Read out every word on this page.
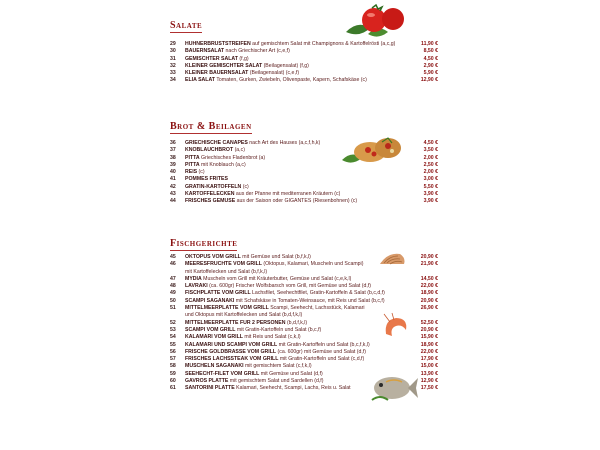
Salate
29	HÜHNERBRUSTSTREIFEN auf gemischtem Salat mit Champignons & Kartoffelrösti (a,c,g)	11,90 €
30	BAUERNSALAT nach Griechischer Art (c,e,f)	8,50 €
31	GEMISCHTER SALAT (f,g)	4,50 €
32	KLEINER GEMISCHTER SALAT (Beilagensalat) (f,g)	2,90 €
33	KLEINER BAUERNSALAT (Beilagensalat) (c,e,f)	5,90 €
34	ELIA SALAT Tomaten, Gurken, Zwiebeln, Olivenpaste, Kapern, Schafskäse (c)	12,90 €
Brot & Beilagen
36	GRIECHISCHE CANAPÉS nach Art des Hauses (a,c,f,h,k)	4,50 €
37	KNOBLAUCHBROT (a,c)	3,50 €
38	PITTA Griechisches Fladenbrot (a)	2,00 €
39	PITTA mit Knoblauch (a,c)	2,50 €
40	REIS (c)	2,00 €
41	POMMES FRITES	3,00 €
42	GRATIN-KARTOFFELN (c)	5,50 €
43	KARTOFFELECKEN aus der Pfanne mit mediterranen Kräutern (c)	3,90 €
44	FRISCHES GEMÜSE aus der Saison oder GIGANTES (Riesenbohnen) (c)	3,90 €
Fischgerichte
45	OKTOPUS VOM GRILL mit Gemüse und Salat (b,f,k,l)	20,90 €
46	MEERESFRÜCHTE VOM GRILL (Oktopus, Kalamari, Muscheln und Scampi)	21,90 €
mit Kartoffelecken und Salat (b,f,k,l)
47	MYDIA Muscheln vom Grill mit Kräuterbutter, Gemüse und Salat (c,e,k,l)	14,50 €
48	LAVRAKI (ca. 600gr) Frischer Wolfsbarsch vom Grill, mit Gemüse und Salat (d,f)	22,00 €
49	FISCHPLATTE VOM GRILL Lachsfilet, Seehechtfilet, Gratin-Kartoffeln & Salat (b,c,d,f)	18,90 €
50	SCAMPI SAGANAKI mit Schafskäse in Tomaten-Weinsauce, mit Reis und Salat (b,c,f)	20,90 €
51	MITTELMEERPLATTE VOM GRILL Scampi, Seehecht, Lachsstück, Kalamari	26,90 €
und Oktopus mit Kartoffelecken und Salat (b,d,f,k,l)
52	MITTELMEERPLATTE FÜR 2 PERSONEN (b,d,f,k,l)	52,50 €
53	SCAMPI VOM GRILL mit Gratin-Kartoffeln und Salat (b,c,f)	20,90 €
54	KALAMARI VOM GRILL mit Reis und Salat (c,k,l)	15,90 €
55	KALAMARI UND SCAMPI VOM GRILL mit Gratin-Kartoffeln und Salat (b,c,f,k,l)	18,90 €
56	FRISCHE GOLDBRASSE VOM GRILL (ca. 600gr) mit Gemüse und Salat (d,f)	22,00 €
57	FRISCHES LACHSSTEAK VOM GRILL mit Gratin-Kartoffeln und Salat (c,d,f)	17,90 €
58	MUSCHELN SAGANAKI mit gemischtem Salat (c,f,k,l)	15,00 €
59	SEEHECHT-FILET VOM GRILL mit Gemüse und Salat (d,f)	13,90 €
60	GAVROS PLATTE mit gemischtem Salat und Sardellen (d,f)	12,90 €
61	SANTORINI PLATTE Kalamari, Seehecht, Scampi, Lachs, Reis u. Salat	17,50 €
